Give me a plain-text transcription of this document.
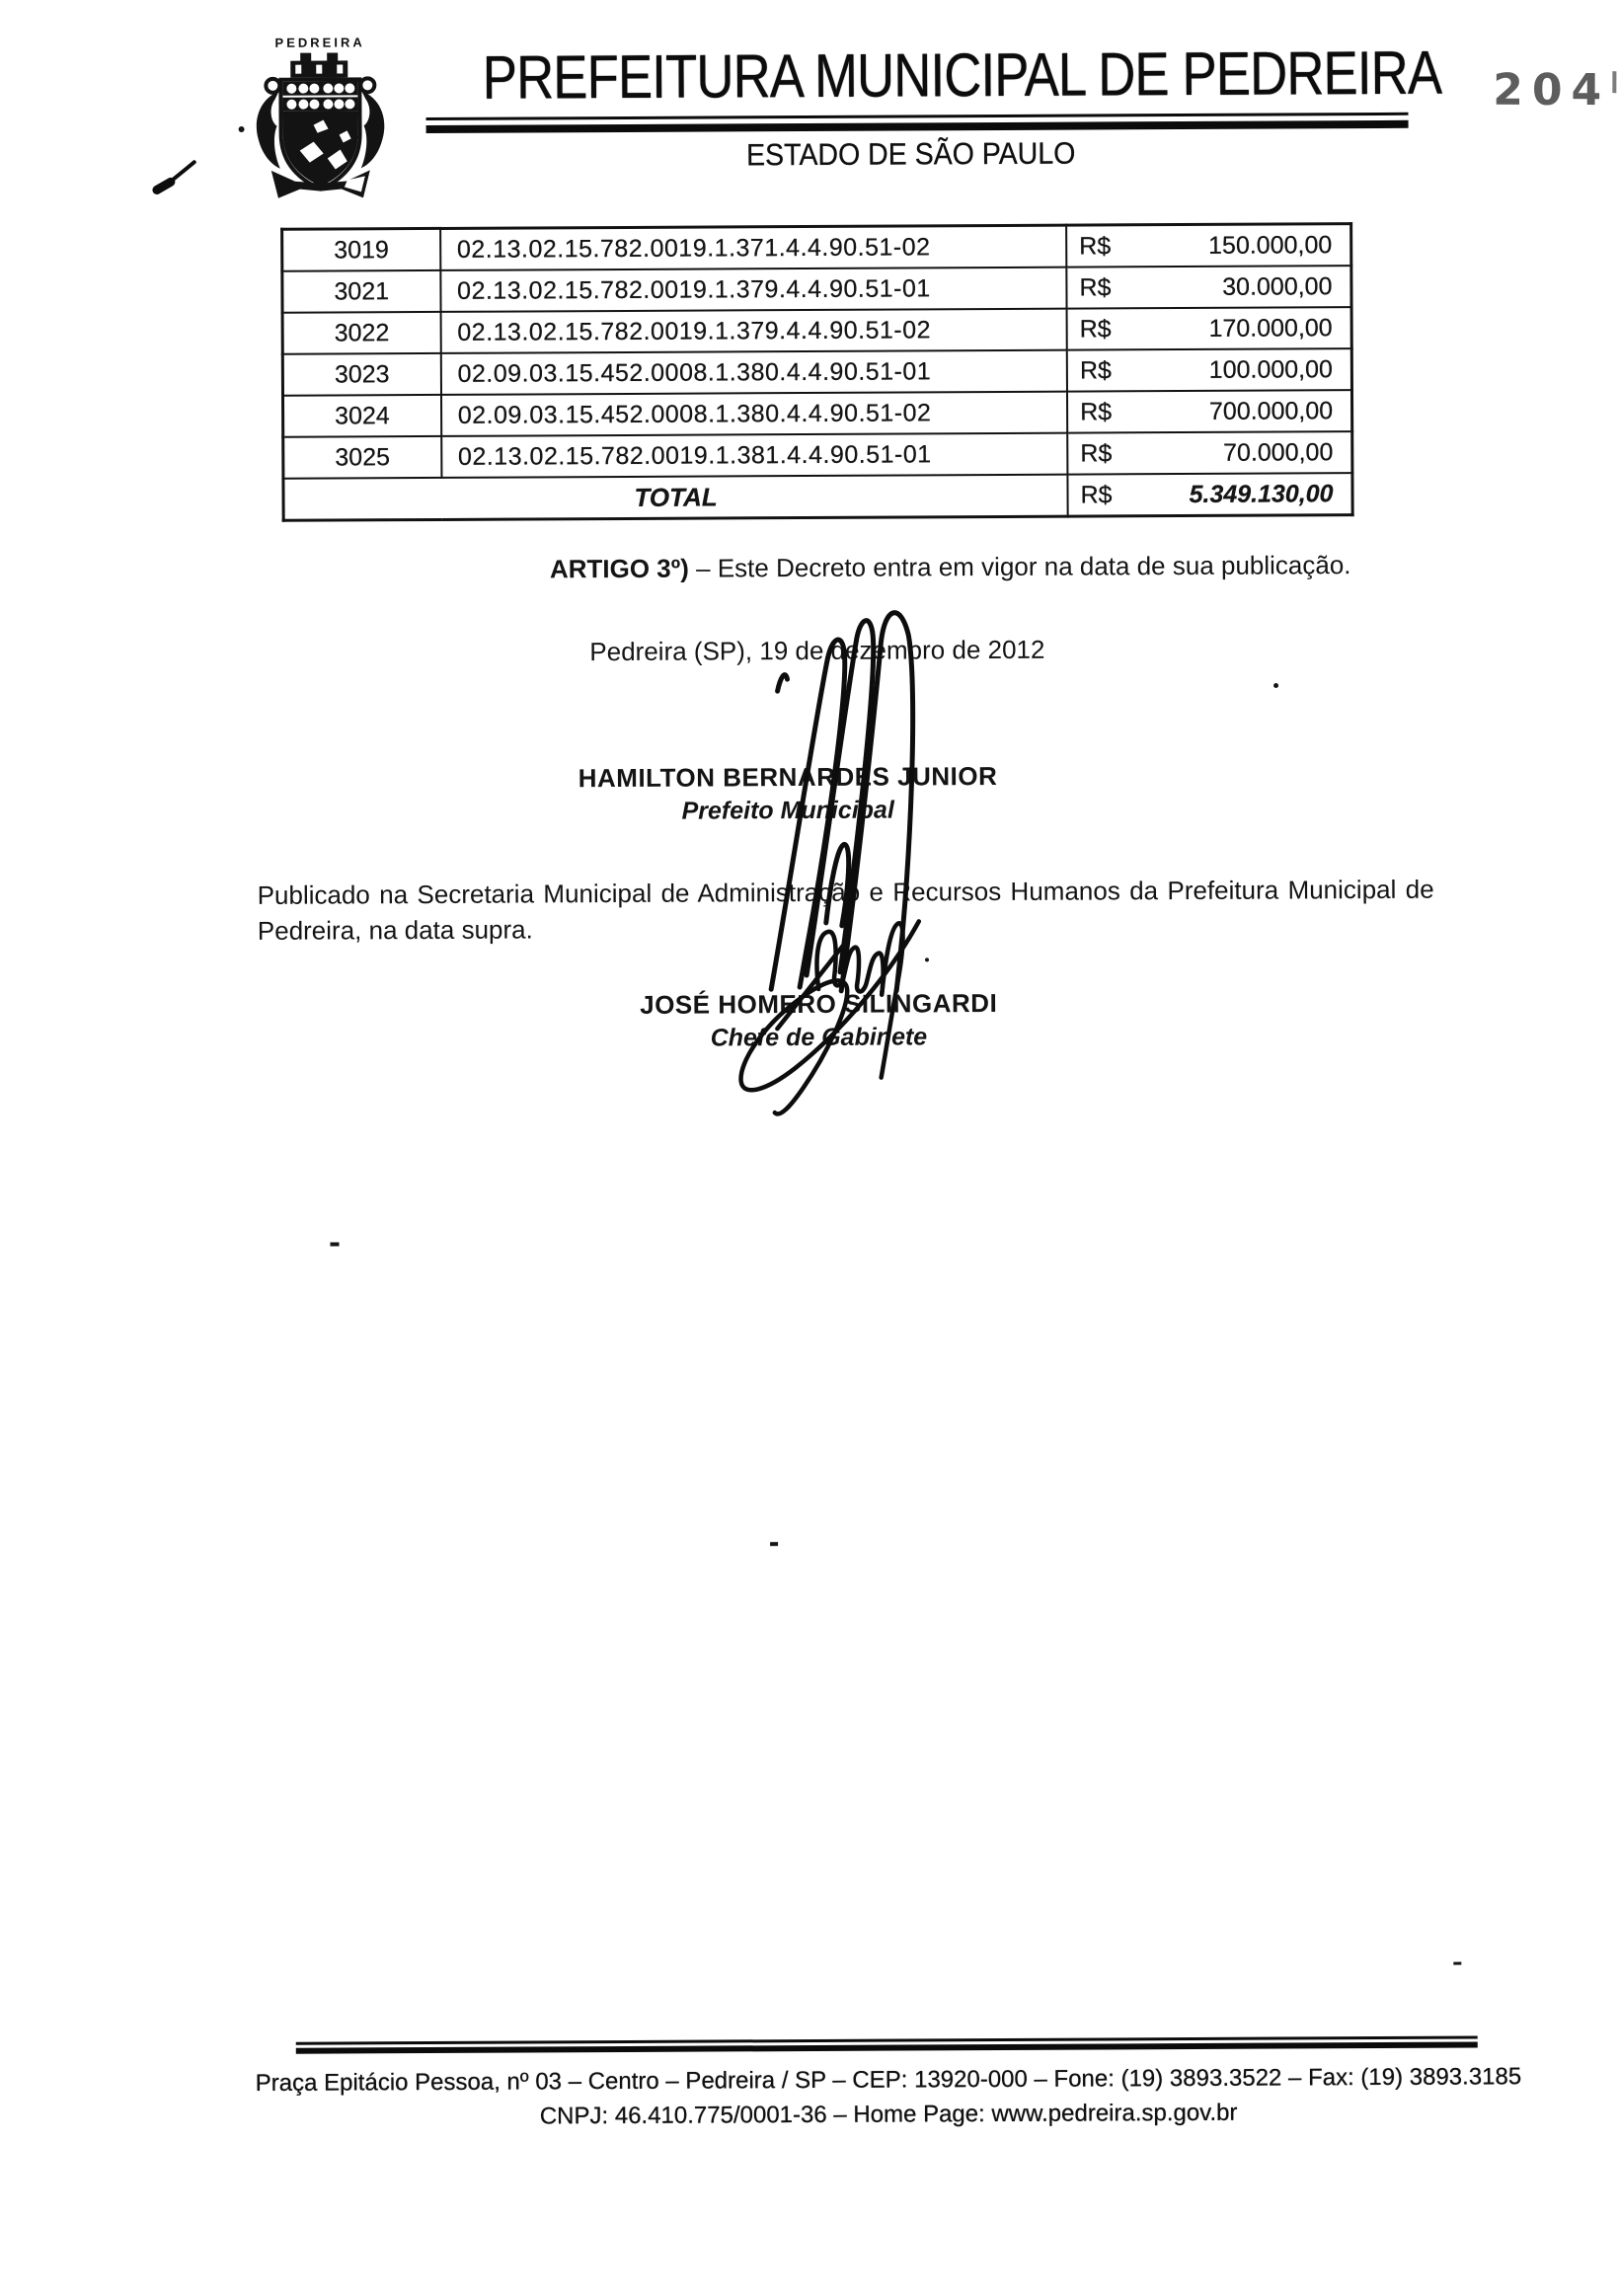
PEDREIRA PREFEITURA MUNICIPAL DE PEDREIRA
ESTADO DE SÃO PAULO
204
3019	02.13.02.15.782.0019.1.371.4.4.90.51-02	R$ 150.000,00

3021	02.13.02.15.782.0019.1.379.4.4.90.51-01	R$ 30.000,00

3022	02.13.02.15.782.0019.1.379.4.4.90.51-02	R$ 170.000,00

3023	02.09.03.15.452.0008.1.380.4.4.90.51-01	R$ 100.000,00

3024	02.09.03.15.452.0008.1.380.4.4.90.51-02	R$ 700.000,00

3025	02.13.02.15.782.0019.1.381.4.4.90.51-01	R$ 70.000,00

TOTAL		R$ 5.349.130,00
ARTIGO 3º) – Este Decreto entra em vigor na data de sua publicação.
Pedreira (SP), 19 de dezembro de 2012
HAMILTON BERNARDES JUNIOR
Prefeito Municipal
Publicado na Secretaria Municipal de Administração e Recursos Humanos da Prefeitura Municipal de
Pedreira, na data supra.
JOSÉ HOMERO SILINGARDI
Chefe de Gabinete
Praça Epitácio Pessoa, nº 03 – Centro – Pedreira / SP – CEP: 13920-000 – Fone: (19) 3893.3522 – Fax: (19) 3893.3185
CNPJ: 46.410.775/0001-36 – Home Page: www.pedreira.sp.gov.br
